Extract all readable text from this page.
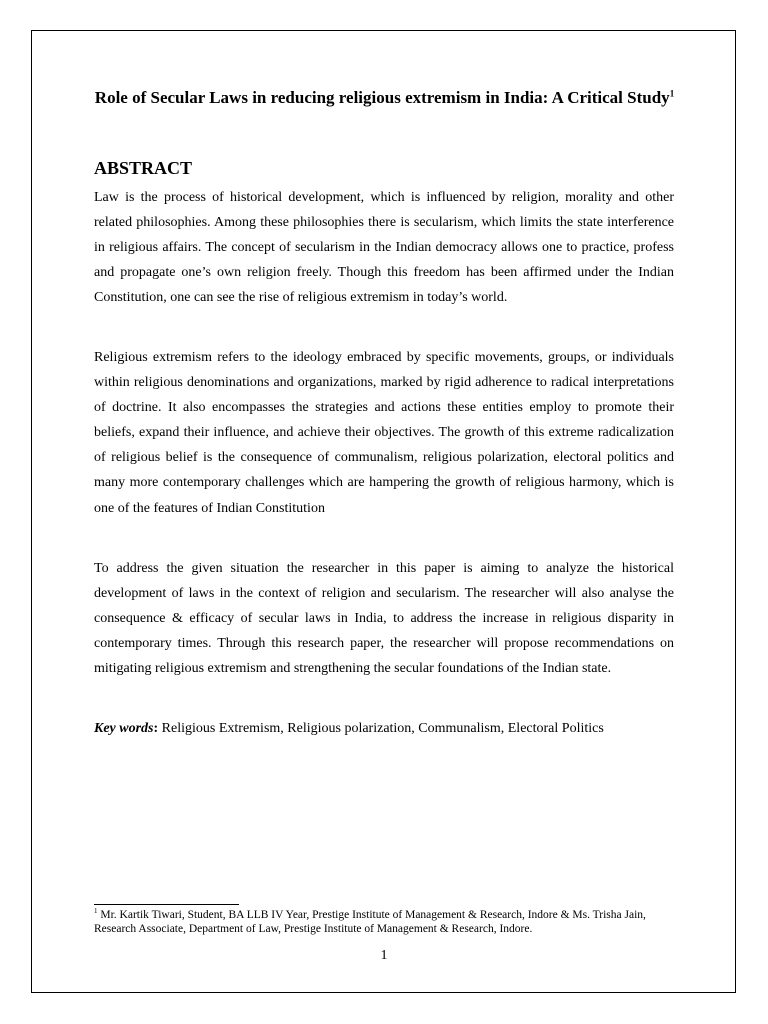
Role of Secular Laws in reducing religious extremism in India: A Critical Study$^1$
ABSTRACT

Law is the process of historical development, which is influenced by religion, morality and other related philosophies. Among these philosophies there is secularism, which limits the state interference in religious affairs. The concept of secularism in the Indian democracy allows one to practice, profess and propagate one’s own religion freely. Though this freedom has been affirmed under the Indian Constitution, one can see the rise of religious extremism in today’s world.

Religious extremism refers to the ideology embraced by specific movements, groups, or individuals within religious denominations and organizations, marked by rigid adherence to radical interpretations of doctrine. It also encompasses the strategies and actions these entities employ to promote their beliefs, expand their influence, and achieve their objectives. The growth of this extreme radicalization of religious belief is the consequence of communalism, religious polarization, electoral politics and many more contemporary challenges which are hampering the growth of religious harmony, which is one of the features of Indian Constitution

To address the given situation the researcher in this paper is aiming to analyze the historical development of laws in the context of religion and secularism. The researcher will also analyse the consequence & efficacy of secular laws in India, to address the increase in religious disparity in contemporary times. Through this research paper, the researcher will propose recommendations on mitigating religious extremism and strengthening the secular foundations of the Indian state.

Key words: Religious Extremism, Religious polarization, Communalism, Electoral Politics

$^1$ Mr. Kartik Tiwari, Student, BA LLB IV Year, Prestige Institute of Management & Research, Indore & Ms. Trisha Jain, Research Associate, Department of Law, Prestige Institute of Management & Research, Indore.
1
